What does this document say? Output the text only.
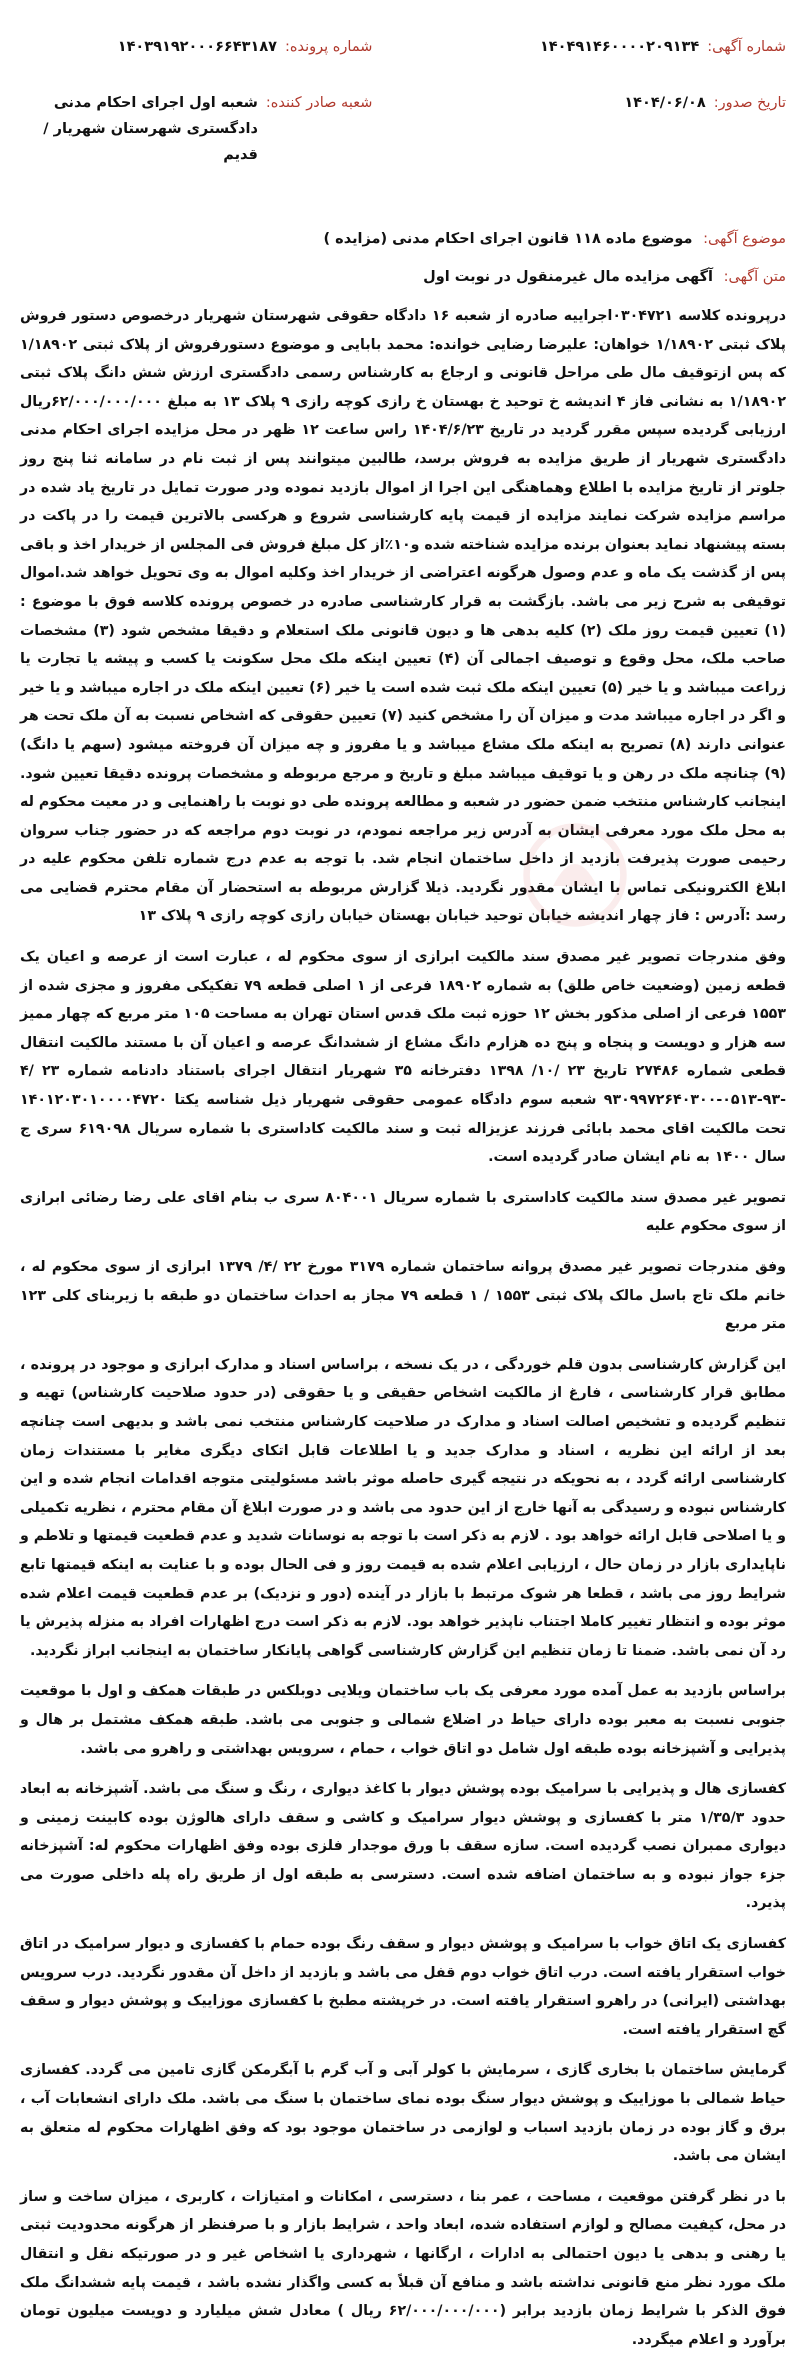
شماره آگهی:
۱۴۰۴۹۱۴۶۰۰۰۰۲۰۹۱۳۴
تاریخ صدور:
۱۴۰۴/۰۶/۰۸
شماره پرونده:
۱۴۰۳۹۱۹۲۰۰۰۶۶۴۳۱۸۷
شعبه صادر کننده:
شعبه اول اجرای احکام مدنی دادگستری شهرستان شهریار / قدیم
موضوع آگهی: موضوع ماده ۱۱۸ قانون اجرای احکام مدنی (مزایده )
متن آگهی: آگهی مزایده مال غیرمنقول در نوبت اول

درپرونده کلاسه ۰۳۰۴۷۲۱اجراییه صادره از شعبه ۱۶ دادگاه حقوقی شهرستان شهریار درخصوص دستور فروش پلاک ثبتی ۱/۱۸۹۰۲ خواهان: علیرضا رضایی خوانده: محمد بابایی و موضوع دستورفروش از پلاک ثبتی ۱/۱۸۹۰۲ که پس ازتوقیف مال طی مراحل قانونی و ارجاع به کارشناس رسمی دادگستری ارزش شش دانگ پلاک ثبتی ۱/۱۸۹۰۲ به نشانی فاز ۴ اندیشه خ توحید خ بهستان خ رازی کوچه رازی ۹ پلاک ۱۳ به مبلغ ۶۲/۰۰۰/۰۰۰/۰۰۰ریال ارزیابی گردیده سپس مقرر گردید در تاریخ ۱۴۰۴/۶/۲۳ راس ساعت ۱۲ ظهر در محل مزایده اجرای احکام مدنی دادگستری شهریار از طریق مزایده به فروش برسد، طالبین میتوانند پس از ثبت نام در سامانه ثنا پنج روز جلوتر از تاریخ مزایده با اطلاع وهماهنگی این اجرا از اموال بازدید نموده ودر صورت تمایل در تاریخ یاد شده در مراسم مزایده شرکت نمایند مزایده از قیمت پایه کارشناسی شروع و هرکسی بالاترین قیمت را در پاکت در بسته پیشنهاد نماید بعنوان برنده مزایده شناخته شده و۱۰٪از کل مبلغ فروش فی المجلس از خریدار اخذ و باقی پس از گذشت یک ماه و عدم وصول هرگونه اعتراضی از خریدار اخذ وکلیه اموال به وی تحویل خواهد شد.اموال توقیفی به شرح زیر می باشد. بازگشت به قرار کارشناسی صادره در خصوص پرونده کلاسه فوق با موضوع : (۱) تعیین قیمت روز ملک (۲) کلیه بدهی ها و دیون قانونی ملک استعلام و دقیقا مشخص شود (۳) مشخصات صاحب ملک، محل وقوع و توصیف اجمالی آن (۴) تعیین اینکه ملک محل سکونت یا کسب و پیشه یا تجارت یا زراعت میباشد و یا خیر (۵) تعیین اینکه ملک ثبت شده است یا خیر (۶) تعیین اینکه ملک در اجاره میباشد و یا خیر و اگر در اجاره میباشد مدت و میزان آن را مشخص کنید (۷) تعیین حقوقی که اشخاص نسبت به آن ملک تحت هر عنوانی دارند (۸) تصریح به اینکه ملک مشاع میباشد و یا مفروز و چه میزان آن فروخته میشود (سهم یا دانگ) (۹) چنانچه ملک در رهن و یا توقیف میباشد مبلغ و تاریخ و مرجع مربوطه و مشخصات پرونده دقیقا تعیین شود. اینجانب کارشناس منتخب ضمن حضور در شعبه و مطالعه پرونده طی دو نوبت با راهنمایی و در معیت محکوم له به محل ملک مورد معرفی ایشان به آدرس زیر مراجعه نمودم، در نوبت دوم مراجعه که در حضور جناب سروان رحیمی صورت پذیرفت بازدید از داخل ساختمان انجام شد. با توجه به عدم درج شماره تلفن محکوم علیه در ابلاغ الکترونیکی تماس با ایشان مقدور نگردید. ذیلا گزارش مربوطه به استحضار آن مقام محترم قضایی می رسد :آدرس : فاز چهار اندیشه خیابان توحید خیابان بهستان خیابان رازی کوچه رازی ۹ پلاک ۱۳

وفق مندرجات تصویر غیر مصدق سند مالکیت ابرازی از سوی محکوم له ، عبارت است از عرصه و اعیان یک قطعه زمین (وضعیت خاص طلق) به شماره ۱۸۹۰۲ فرعی از ۱ اصلی قطعه ۷۹ تفکیکی مفروز و مجزی شده از ۱۵۵۳ فرعی از اصلی مذکور بخش ۱۲ حوزه ثبت ملک قدس استان تهران به مساحت ۱۰۵ متر مربع که چهار ممیز سه هزار و دویست و پنجاه و پنج ده هزارم دانگ مشاع از ششدانگ عرصه و اعیان آن با مستند مالکیت انتقال قطعی شماره ۲۷۴۸۶ تاریخ ۲۳ /۱۰/ ۱۳۹۸ دفترخانه ۳۵ شهریار انتقال اجرای باستناد دادنامه شماره ۲۳ /۴ -۹۳-۰۵۱۳-۹۳۰۹۹۷۲۶۴۰۳۰۰ شعبه سوم دادگاه عمومی حقوقی شهریار ذیل شناسه یکتا ۱۴۰۱۲۰۳۰۱۰۰۰۰۴۷۲۰ تحت مالکیت اقای محمد بابائی فرزند عزیزاله ثبت و سند مالکیت کاداستری با شماره سریال ۶۱۹۰۹۸ سری ج سال ۱۴۰۰ به نام ایشان صادر گردیده است.

تصویر غیر مصدق سند مالکیت کاداستری با شماره سریال ۸۰۴۰۰۱ سری ب بنام اقای علی رضا رضائی ابرازی از سوی محکوم علیه

وفق مندرجات تصویر غیر مصدق پروانه ساختمان شماره ۳۱۷۹ مورخ ۲۲ /۴/ ۱۳۷۹ ابرازی از سوی محکوم له ، خانم ملک تاج باسل مالک پلاک ثبتی ۱۵۵۳ / ۱ قطعه ۷۹ مجاز به احداث ساختمان دو طبقه با زیربنای کلی ۱۲۳ متر مربع

این گزارش کارشناسی بدون قلم خوردگی ، در یک نسخه ، براساس اسناد و مدارک ابرازی و موجود در پرونده ، مطابق قرار کارشناسی ، فارغ از مالکیت اشخاص حقیقی و یا حقوقی (در حدود صلاحیت کارشناس) تهیه و تنظیم گردیده و تشخیص اصالت اسناد و مدارک در صلاحیت کارشناس منتخب نمی باشد و بدیهی است چنانچه بعد از ارائه این نظریه ، اسناد و مدارک جدید و یا اطلاعات قابل اتکای دیگری مغایر با مستندات زمان کارشناسی ارائه گردد ، به نحویکه در نتیجه گیری حاصله موثر باشد مسئولیتی متوجه اقدامات انجام شده و این کارشناس نبوده و رسیدگی به آنها خارج از این حدود می باشد و در صورت ابلاغ آن مقام محترم ، نظریه تکمیلی و یا اصلاحی قابل ارائه خواهد بود . لازم به ذکر است با توجه به نوسانات شدید و عدم قطعیت قیمتها و تلاطم و ناپایداری بازار در زمان حال ، ارزیابی اعلام شده به قیمت روز و فی الحال بوده و با عنایت به اینکه قیمتها تابع شرایط روز می باشد ، قطعا هر شوک مرتبط با بازار در آینده (دور و نزدیک) بر عدم قطعیت قیمت اعلام شده موثر بوده و انتظار تغییر کاملا اجتناب ناپذیر خواهد بود. لازم به ذکر است درج اظهارات افراد به منزله پذیرش یا رد آن نمی باشد. ضمنا تا زمان تنظیم این گزارش کارشناسی گواهی پایانکار ساختمان به اینجانب ابراز نگردید.

براساس بازدید به عمل آمده مورد معرفی یک باب ساختمان ویلایی دوبلکس در طبقات همکف و اول با موقعیت جنوبی نسبت به معبر بوده دارای حیاط در اضلاع شمالی و جنوبی می باشد. طبقه همکف مشتمل بر هال و پذیرایی و آشپزخانه بوده طبقه اول شامل دو اتاق خواب ، حمام ، سرویس بهداشتی و راهرو می باشد.

کفسازی هال و پذیرایی با سرامیک بوده پوشش دیوار با کاغذ دیواری ، رنگ و سنگ می باشد. آشپزخانه به ابعاد حدود ۱/۳۵/۳ متر با کفسازی و پوشش دیوار سرامیک و کاشی و سقف دارای هالوژن بوده کابینت زمینی و دیواری ممبران نصب گردیده است. سازه سقف با ورق موجدار فلزی بوده وفق اظهارات محکوم له: آشپزخانه جزء جواز نبوده و به ساختمان اضافه شده است. دسترسی به طبقه اول از طریق راه پله داخلی صورت می پذیرد.

کفسازی یک اتاق خواب با سرامیک و پوشش دیوار و سقف رنگ بوده حمام با کفسازی و دیوار سرامیک در اتاق خواب استقرار یافته است. درب اتاق خواب دوم قفل می باشد و بازدید از داخل آن مقدور نگردید. درب سرویس بهداشتی (ایرانی) در راهرو استقرار یافته است. در خرپشته مطبخ با کفسازی موزاییک و پوشش دیوار و سقف گچ استقرار یافته است.

گرمایش ساختمان با بخاری گازی ، سرمایش با کولر آبی و آب گرم با آبگرمکن گازی تامین می گردد. کفسازی حیاط شمالی با موزاییک و پوشش دیوار سنگ بوده نمای ساختمان با سنگ می باشد. ملک دارای انشعابات آب ، برق و گاز بوده در زمان بازدید اسباب و لوازمی در ساختمان موجود بود که وفق اظهارات محکوم له متعلق به ایشان می باشد.

با در نظر گرفتن موقعیت ، مساحت ، عمر بنا ، دسترسی ، امکانات و امتیازات ، کاربری ، میزان ساخت و ساز در محل، کیفیت مصالح و لوازم استفاده شده، ابعاد واحد ، شرایط بازار و با صرفنظر از هرگونه محدودیت ثبتی یا رهنی و بدهی یا دیون احتمالی به ادارات ، ارگانها ، شهرداری یا اشخاص غیر و در صورتیکه نقل و انتقال ملک مورد نظر منع قانونی نداشته باشد و منافع آن قبلاً به کسی واگذار نشده باشد ، قیمت پایه ششدانگ ملک فوق الذکر با شرایط زمان بازدید برابر (۶۲/۰۰۰/۰۰۰/۰۰۰ ریال ) معادل شش میلیارد و دویست میلیون تومان برآورد و اعلام میگردد.
